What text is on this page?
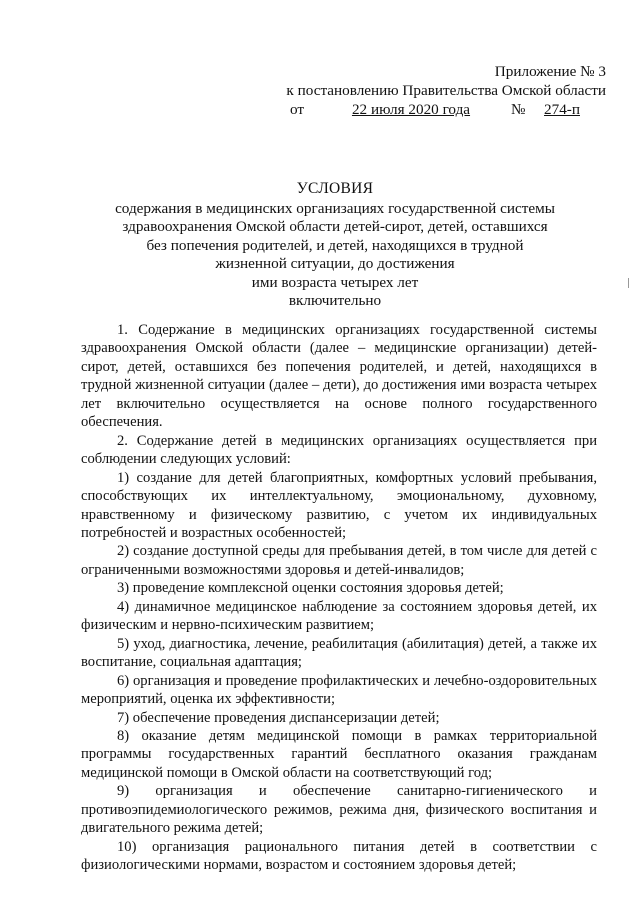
Приложение № 3
к постановлению Правительства Омской области
от	22 июля 2020 года	№	274-п
УСЛОВИЯ
содержания в медицинских организациях государственной системы
здравоохранения Омской области детей-сирот, детей, оставшихся
без попечения родителей, и детей, находящихся в трудной
жизненной ситуации, до достижения
ими возраста четырех лет
включительно

1. Содержание в медицинских организациях государственной системы здравоохранения Омской области (далее – медицинские организации) детей-сирот, детей, оставшихся без попечения родителей, и детей, находящихся в трудной жизненной ситуации (далее – дети), до достижения ими возраста четырех лет включительно осуществляется на основе полного государственного обеспечения.

2. Содержание детей в медицинских организациях осуществляется при соблюдении следующих условий:

1) создание для детей благоприятных, комфортных условий пребывания, способствующих их интеллектуальному, эмоциональному, духовному, нравственному и физическому развитию, с учетом их индивидуальных потребностей и возрастных особенностей;

2) создание доступной среды для пребывания детей, в том числе для детей с ограниченными возможностями здоровья и детей-инвалидов;

3) проведение комплексной оценки состояния здоровья детей;

4) динамичное медицинское наблюдение за состоянием здоровья детей, их физическим и нервно-психическим развитием;

5) уход, диагностика, лечение, реабилитация (абилитация) детей, а также их воспитание, социальная адаптация;

6) организация и проведение профилактических и лечебно-оздоровительных мероприятий, оценка их эффективности;

7) обеспечение проведения диспансеризации детей;

8) оказание детям медицинской помощи в рамках территориальной программы государственных гарантий бесплатного оказания гражданам медицинской помощи в Омской области на соответствующий год;

9) организация и обеспечение санитарно-гигиенического и противоэпидемиологического режимов, режима дня, физического воспитания и двигательного режима детей;

10) организация рационального питания детей в соответствии с физиологическими нормами, возрастом и состоянием здоровья детей;
